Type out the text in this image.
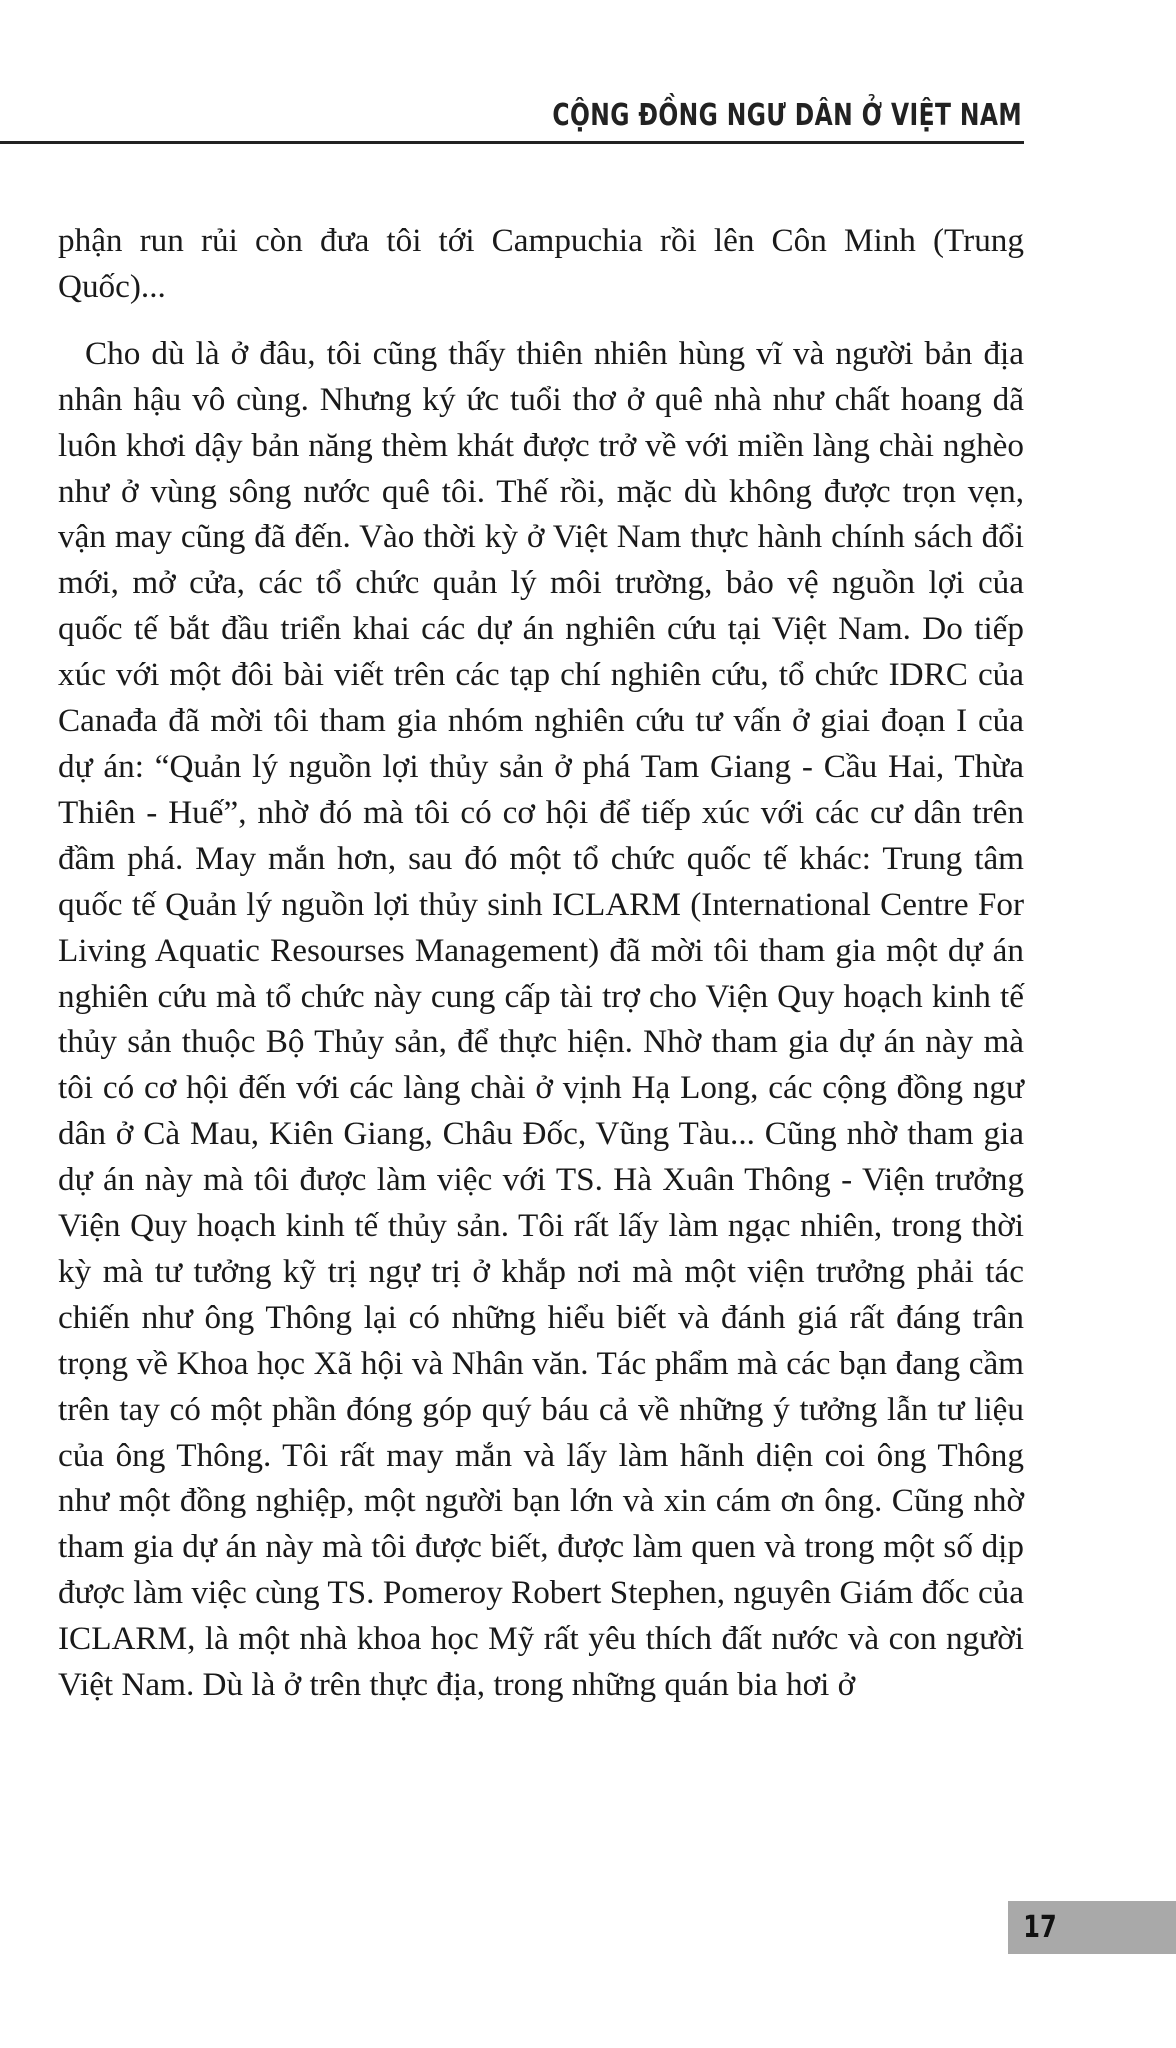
CỘNG ĐỒNG NGƯ DÂN Ở VIỆT NAM

phận run rủi còn đưa tôi tới Campuchia rồi lên Côn Minh (Trung Quốc)...

Cho dù là ở đâu, tôi cũng thấy thiên nhiên hùng vĩ và người bản địa nhân hậu vô cùng. Nhưng ký ức tuổi thơ ở quê nhà như chất hoang dã luôn khơi dậy bản năng thèm khát được trở về với miền làng chài nghèo như ở vùng sông nước quê tôi. Thế rồi, mặc dù không được trọn vẹn, vận may cũng đã đến. Vào thời kỳ ở Việt Nam thực hành chính sách đổi mới, mở cửa, các tổ chức quản lý môi trường, bảo vệ nguồn lợi của quốc tế bắt đầu triển khai các dự án nghiên cứu tại Việt Nam. Do tiếp xúc với một đôi bài viết trên các tạp chí nghiên cứu, tổ chức IDRC của Canađa đã mời tôi tham gia nhóm nghiên cứu tư vấn ở giai đoạn I của dự án: “Quản lý nguồn lợi thủy sản ở phá Tam Giang - Cầu Hai, Thừa Thiên - Huế”, nhờ đó mà tôi có cơ hội để tiếp xúc với các cư dân trên đầm phá. May mắn hơn, sau đó một tổ chức quốc tế khác: Trung tâm quốc tế Quản lý nguồn lợi thủy sinh ICLARM (International Centre For Living Aquatic Resourses Management) đã mời tôi tham gia một dự án nghiên cứu mà tổ chức này cung cấp tài trợ cho Viện Quy hoạch kinh tế thủy sản thuộc Bộ Thủy sản, để thực hiện. Nhờ tham gia dự án này mà tôi có cơ hội đến với các làng chài ở vịnh Hạ Long, các cộng đồng ngư dân ở Cà Mau, Kiên Giang, Châu Đốc, Vũng Tàu... Cũng nhờ tham gia dự án này mà tôi được làm việc với TS. Hà Xuân Thông - Viện trưởng Viện Quy hoạch kinh tế thủy sản. Tôi rất lấy làm ngạc nhiên, trong thời kỳ mà tư tưởng kỹ trị ngự trị ở khắp nơi mà một viện trưởng phải tác chiến như ông Thông lại có những hiểu biết và đánh giá rất đáng trân trọng về Khoa học Xã hội và Nhân văn. Tác phẩm mà các bạn đang cầm trên tay có một phần đóng góp quý báu cả về những ý tưởng lẫn tư liệu của ông Thông. Tôi rất may mắn và lấy làm hãnh diện coi ông Thông như một đồng nghiệp, một người bạn lớn và xin cám ơn ông. Cũng nhờ tham gia dự án này mà tôi được biết, được làm quen và trong một số dịp được làm việc cùng TS. Pomeroy Robert Stephen, nguyên Giám đốc của ICLARM, là một nhà khoa học Mỹ rất yêu thích đất nước và con người Việt Nam. Dù là ở trên thực địa, trong những quán bia hơi ở

17
